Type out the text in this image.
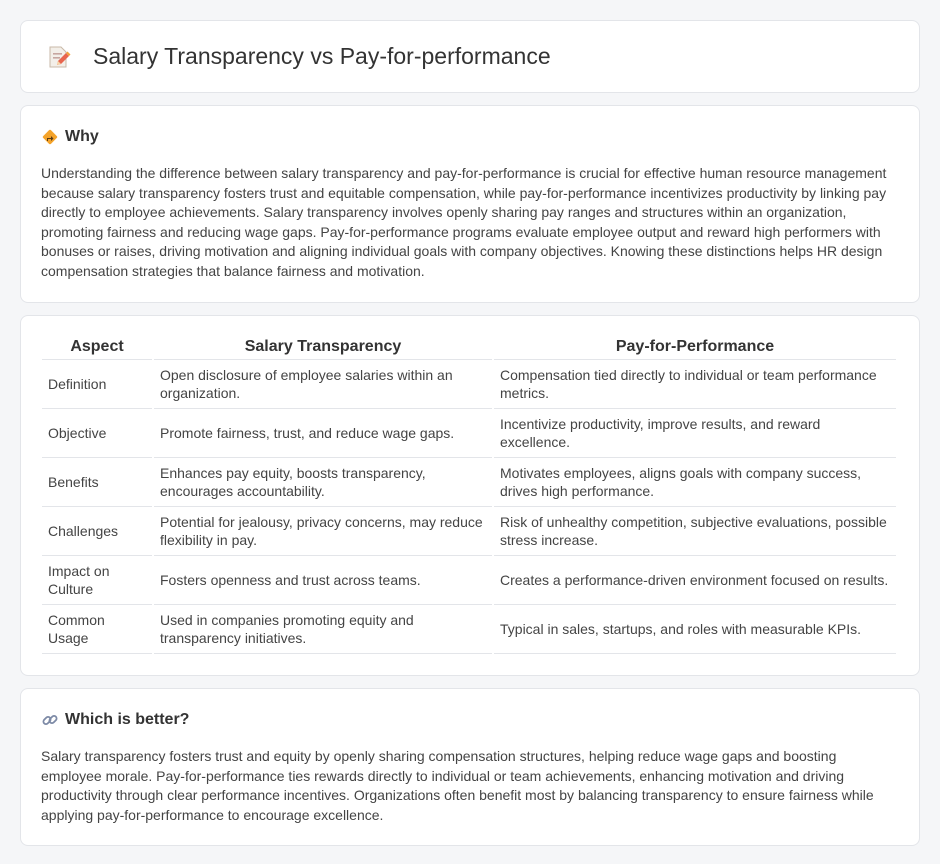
Salary Transparency vs Pay-for-performance
Why

Understanding the difference between salary transparency and pay-for-performance is crucial for effective human resource management because salary transparency fosters trust and equitable compensation, while pay-for-performance incentivizes productivity by linking pay directly to employee achievements. Salary transparency involves openly sharing pay ranges and structures within an organization, promoting fairness and reducing wage gaps. Pay-for-performance programs evaluate employee output and reward high performers with bonuses or raises, driving motivation and aligning individual goals with company objectives. Knowing these distinctions helps HR design compensation strategies that balance fairness and motivation.

Aspect	Salary Transparency	Pay-for-Performance
Definition	Open disclosure of employee salaries within an organization.	Compensation tied directly to individual or team performance metrics.
Objective	Promote fairness, trust, and reduce wage gaps.	Incentivize productivity, improve results, and reward excellence.
Benefits	Enhances pay equity, boosts transparency, encourages accountability.	Motivates employees, aligns goals with company success, drives high performance.
Challenges	Potential for jealousy, privacy concerns, may reduce flexibility in pay.	Risk of unhealthy competition, subjective evaluations, possible stress increase.
Impact on Culture	Fosters openness and trust across teams.	Creates a performance-driven environment focused on results.
Common Usage	Used in companies promoting equity and transparency initiatives.	Typical in sales, startups, and roles with measurable KPIs.
Which is better?

Salary transparency fosters trust and equity by openly sharing compensation structures, helping reduce wage gaps and boosting employee morale. Pay-for-performance ties rewards directly to individual or team achievements, enhancing motivation and driving productivity through clear performance incentives. Organizations often benefit most by balancing transparency to ensure fairness while applying pay-for-performance to encourage excellence.
